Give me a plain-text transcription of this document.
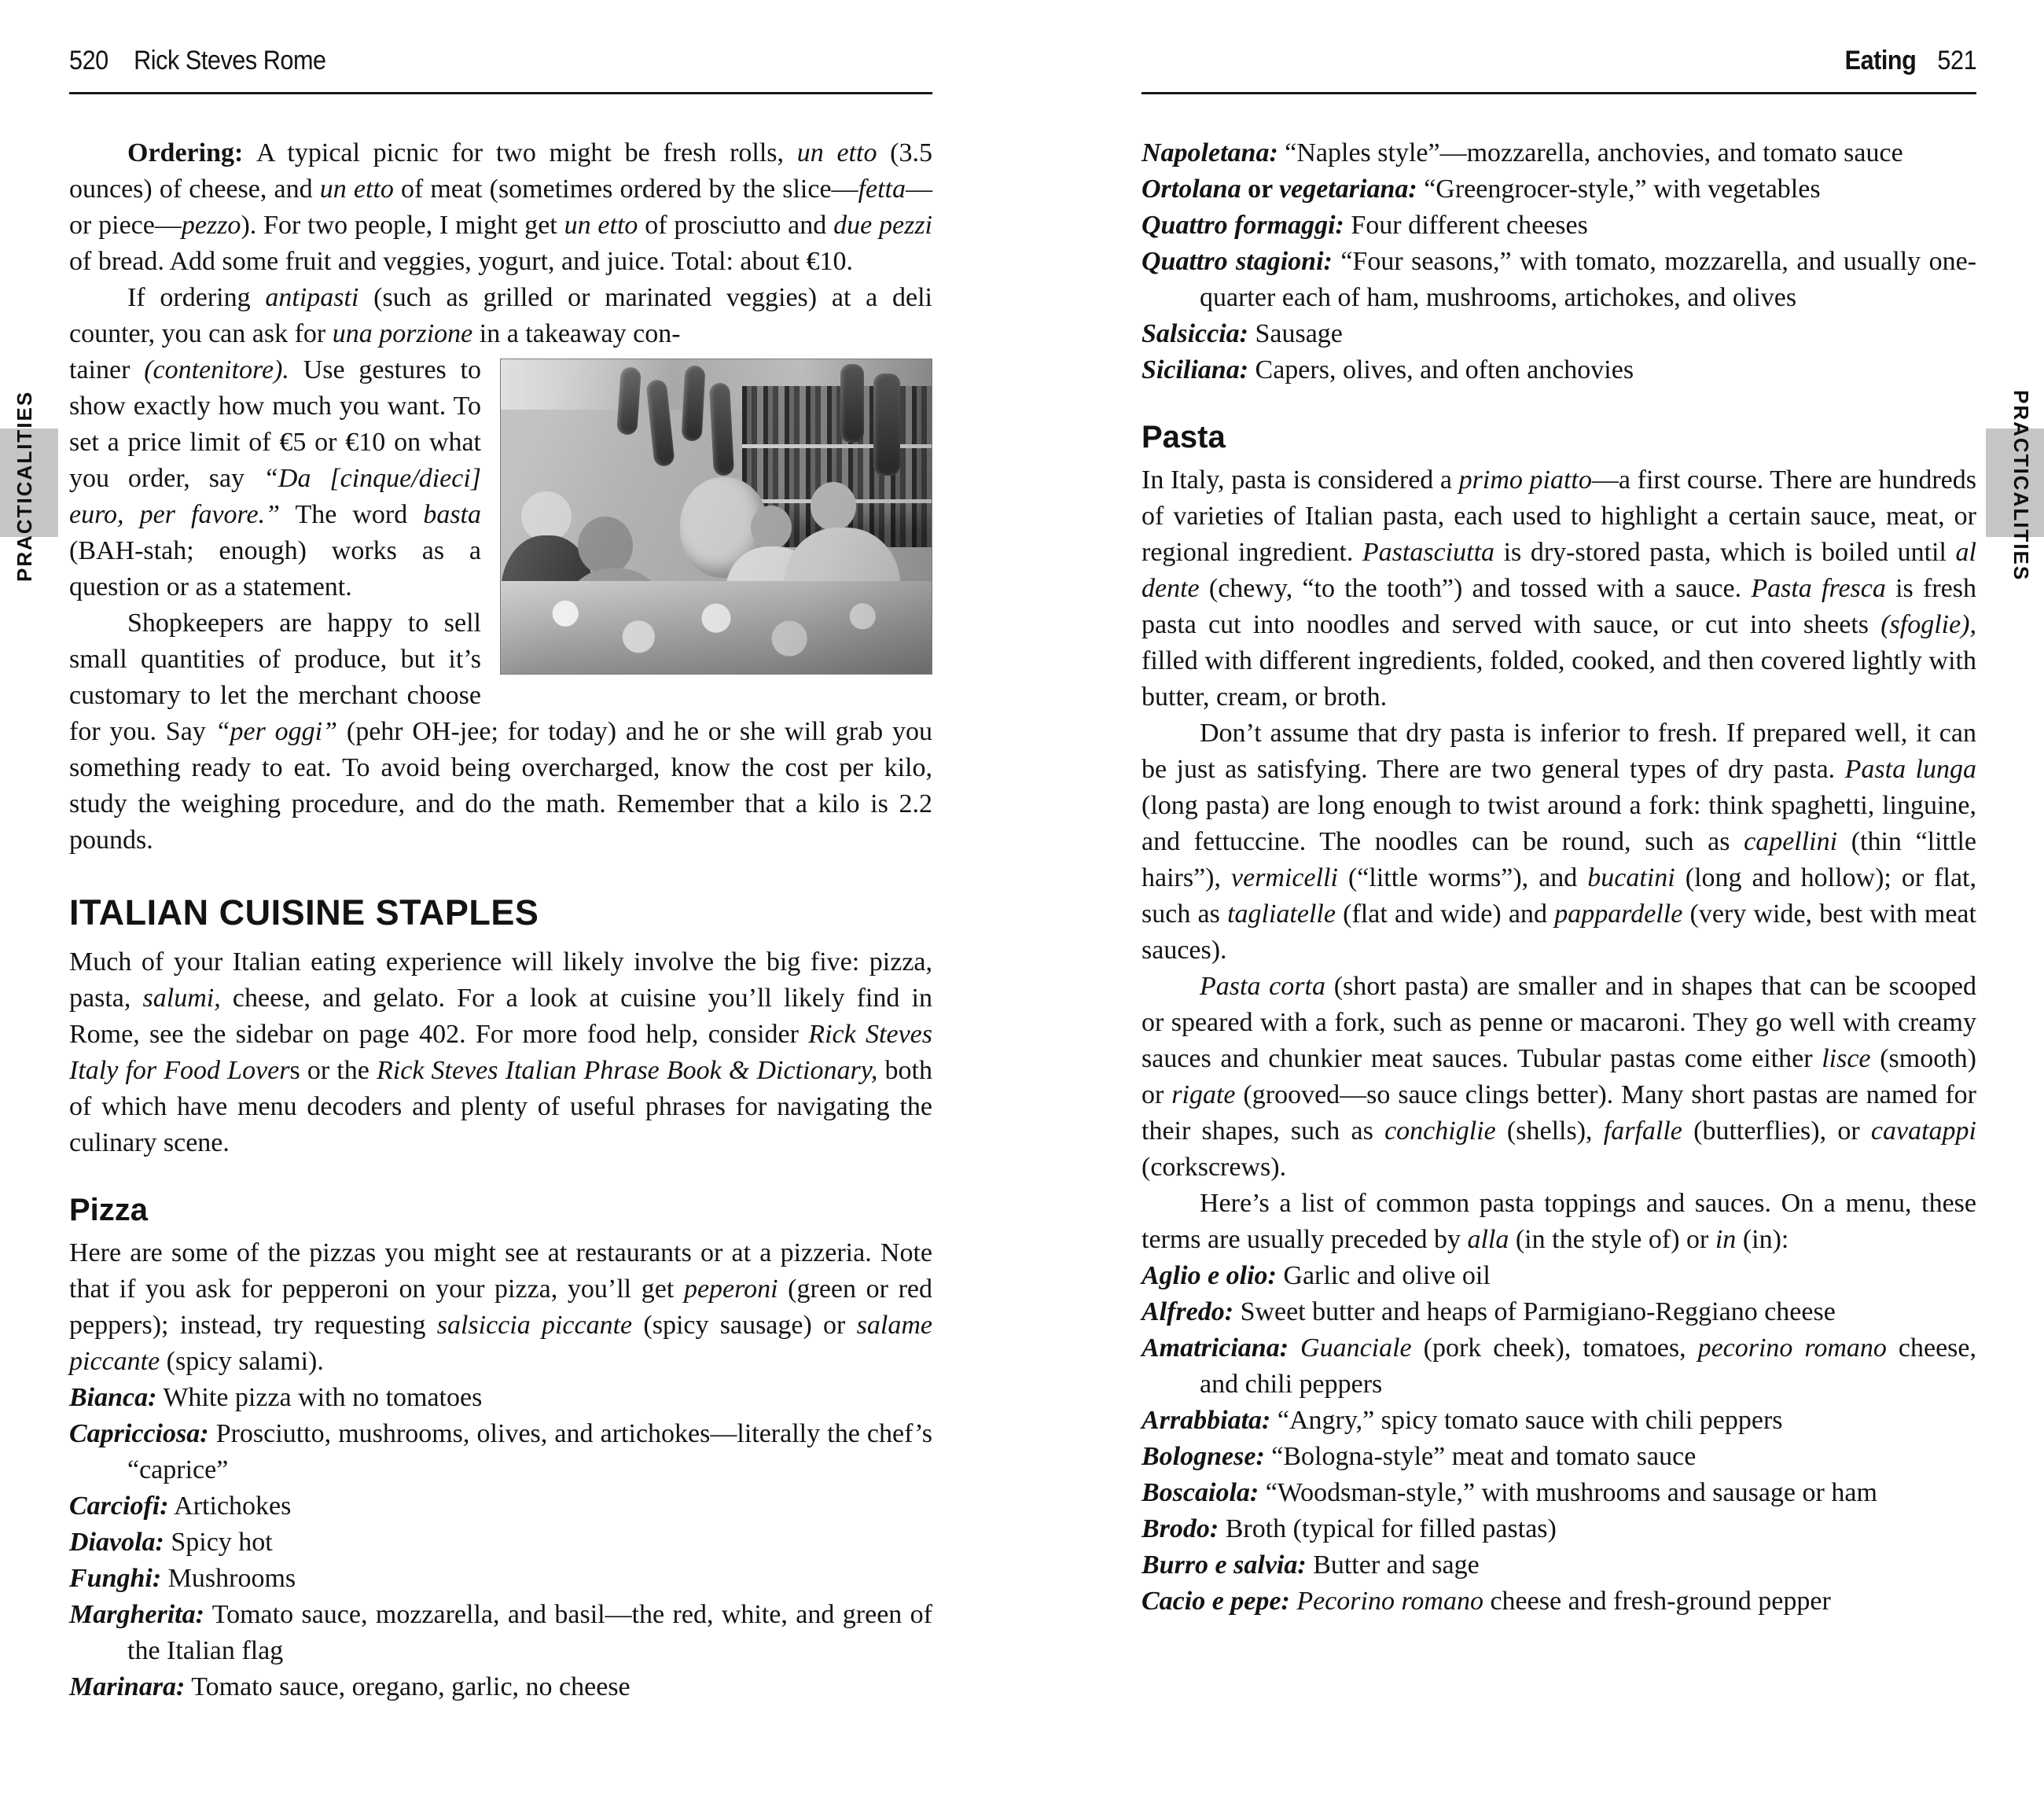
PRACTICALITIES	PRACTICALITIES
520 Rick Steves Rome

Ordering: A typical picnic for two might be fresh rolls, un etto (3.5 ounces) of cheese, and un etto of meat (sometimes ordered by the slice—fetta—or piece—pezzo). For two people, I might get un etto of prosciutto and due pezzi of bread. Add some fruit and veggies, yogurt, and juice. Total: about €10.

If ordering antipasti (such as grilled or marinated veggies) at a deli counter, you can ask for una porzione in a takeaway con-

tainer (contenitore). Use gestures to show exactly how much you want. To set a price limit of €5 or €10 on what you order, say “Da [cinque/dieci] euro, per favore.” The word basta (BAH-stah; enough) works as a question or as a statement.

Shopkeepers are happy to sell small quantities of produce, but it’s customary to let the merchant choose for you. Say “per oggi” (pehr OH-jee; for today) and he or she will grab you something ready to eat. To avoid being overcharged, know the cost per kilo, study the weighing procedure, and do the math. Remember that a kilo is 2.2 pounds.

ITALIAN CUISINE STAPLES

Much of your Italian eating experience will likely involve the big five: pizza, pasta, salumi, cheese, and gelato. For a look at cuisine you’ll likely find in Rome, see the sidebar on page 402. For more food help, consider Rick Steves Italy for Food Lovers or the Rick Steves Italian Phrase Book & Dictionary, both of which have menu decoders and plenty of useful phrases for navigating the culinary scene.

Pizza

Here are some of the pizzas you might see at restaurants or at a pizzeria. Note that if you ask for pepperoni on your pizza, you’ll get peperoni (green or red peppers); instead, try requesting salsiccia piccante (spicy sausage) or salame piccante (spicy salami).

Bianca: White pizza with no tomatoes
Capricciosa: Prosciutto, mushrooms, olives, and artichokes—literally the chef’s “caprice”
Carciofi: Artichokes
Diavola: Spicy hot
Funghi: Mushrooms
Margherita: Tomato sauce, mozzarella, and basil—the red, white, and green of the Italian flag
Marinara: Tomato sauce, oregano, garlic, no cheese
Eating 521
Napoletana: “Naples style”—mozzarella, anchovies, and tomato sauce
Ortolana or vegetariana: “Greengrocer-style,” with vegetables
Quattro formaggi: Four different cheeses
Quattro stagioni: “Four seasons,” with tomato, mozzarella, and usually one-quarter each of ham, mushrooms, artichokes, and olives
Salsiccia: Sausage
Siciliana: Capers, olives, and often anchovies
Pasta

In Italy, pasta is considered a primo piatto—a first course. There are hundreds of varieties of Italian pasta, each used to highlight a certain sauce, meat, or regional ingredient. Pastasciutta is dry-stored pasta, which is boiled until al dente (chewy, “to the tooth”) and tossed with a sauce. Pasta fresca is fresh pasta cut into noodles and served with sauce, or cut into sheets (sfoglie), filled with different ingredients, folded, cooked, and then covered lightly with butter, cream, or broth.

Don’t assume that dry pasta is inferior to fresh. If prepared well, it can be just as satisfying. There are two general types of dry pasta. Pasta lunga (long pasta) are long enough to twist around a fork: think spaghetti, linguine, and fettuccine. The noodles can be round, such as capellini (thin “little hairs”), vermicelli (“little worms”), and bucatini (long and hollow); or flat, such as tagliatelle (flat and wide) and pappardelle (very wide, best with meat sauces).

Pasta corta (short pasta) are smaller and in shapes that can be scooped or speared with a fork, such as penne or macaroni. They go well with creamy sauces and chunkier meat sauces. Tubular pastas come either lisce (smooth) or rigate (grooved—so sauce clings better). Many short pastas are named for their shapes, such as conchiglie (shells), farfalle (butterflies), or cavatappi (corkscrews).

Here’s a list of common pasta toppings and sauces. On a menu, these terms are usually preceded by alla (in the style of) or in (in):

Aglio e olio: Garlic and olive oil
Alfredo: Sweet butter and heaps of Parmigiano-Reggiano cheese
Amatriciana: Guanciale (pork cheek), tomatoes, pecorino romano cheese, and chili peppers
Arrabbiata: “Angry,” spicy tomato sauce with chili peppers
Bolognese: “Bologna-style” meat and tomato sauce
Boscaiola: “Woodsman-style,” with mushrooms and sausage or ham
Brodo: Broth (typical for filled pastas)
Burro e salvia: Butter and sage
Cacio e pepe: Pecorino romano cheese and fresh-ground pepper
